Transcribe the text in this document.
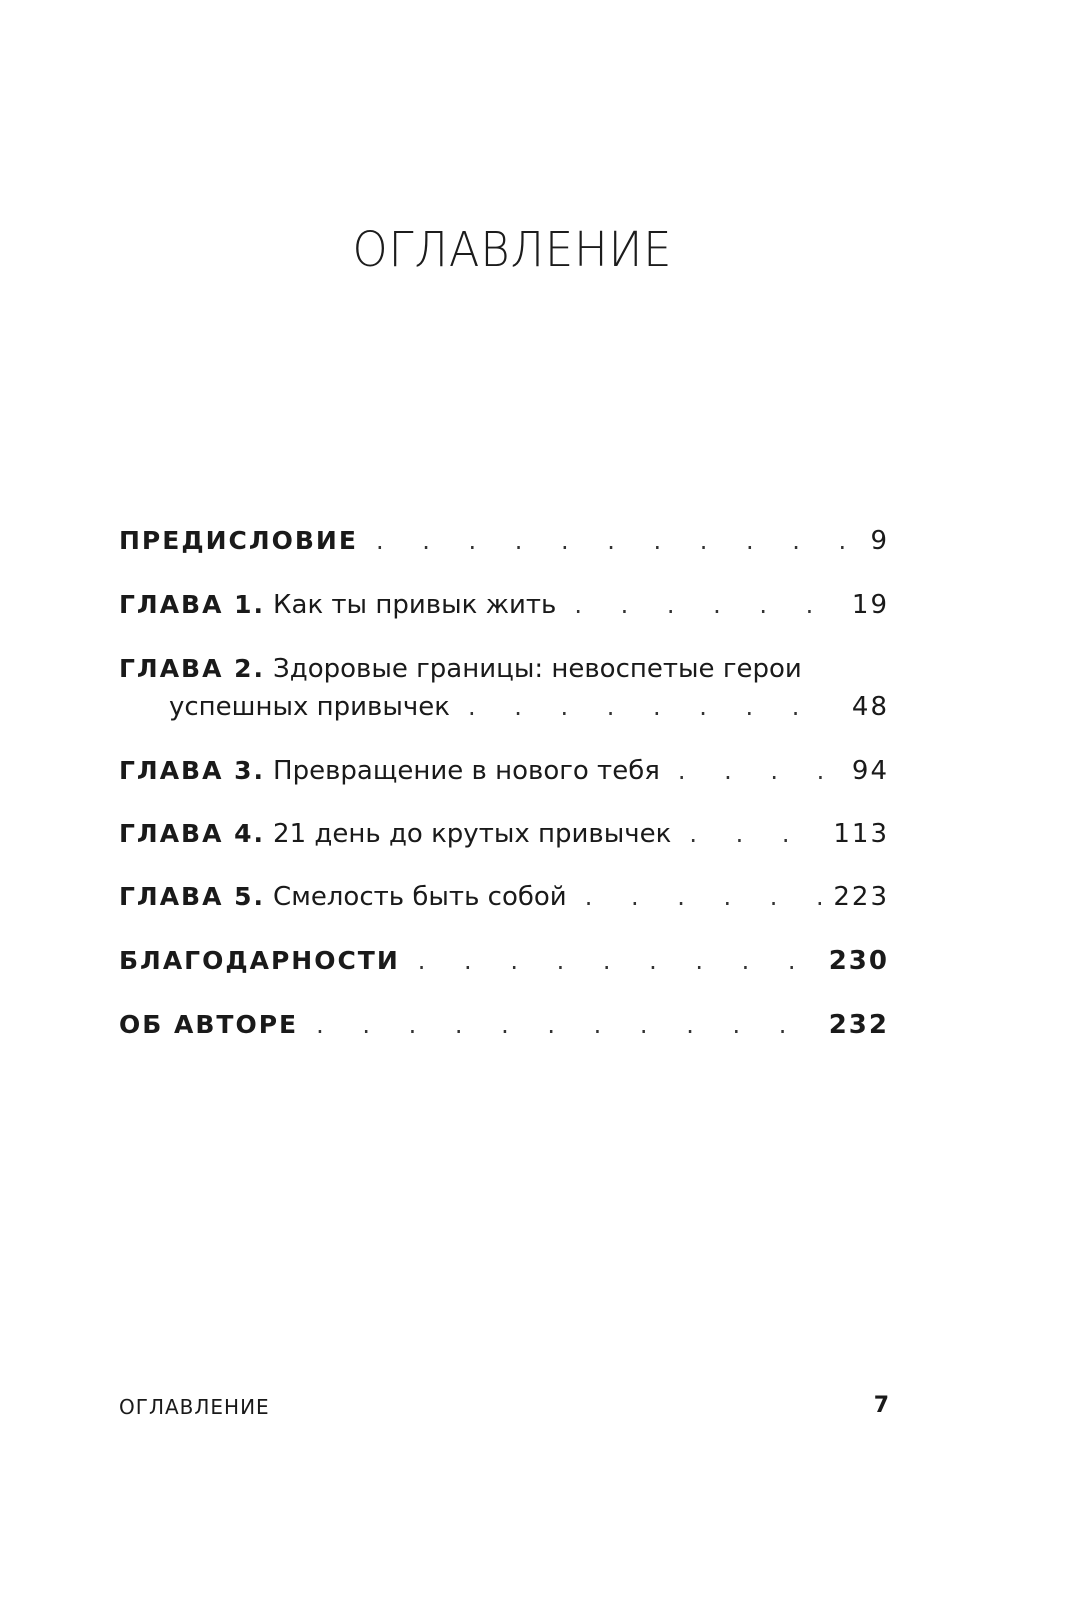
ОГЛАВЛЕНИЕ
ПРЕДИСЛОВИЕ . . .	9
ГЛАВА 1. Как ты привык жить . . .	19
ГЛАВА 2. Здоровые границы: невоспетые герои
успешных привычек . . .	48
ГЛАВА 3. Превращение в нового тебя . . .	94
ГЛАВА 4. 21 день до крутых привычек . . .	113
ГЛАВА 5. Смелость быть собой . . .	223
БЛАГОДАРНОСТИ . . .	230
ОБ АВТОРЕ . . .	232
ОГЛАВЛЕНИЕ	7
